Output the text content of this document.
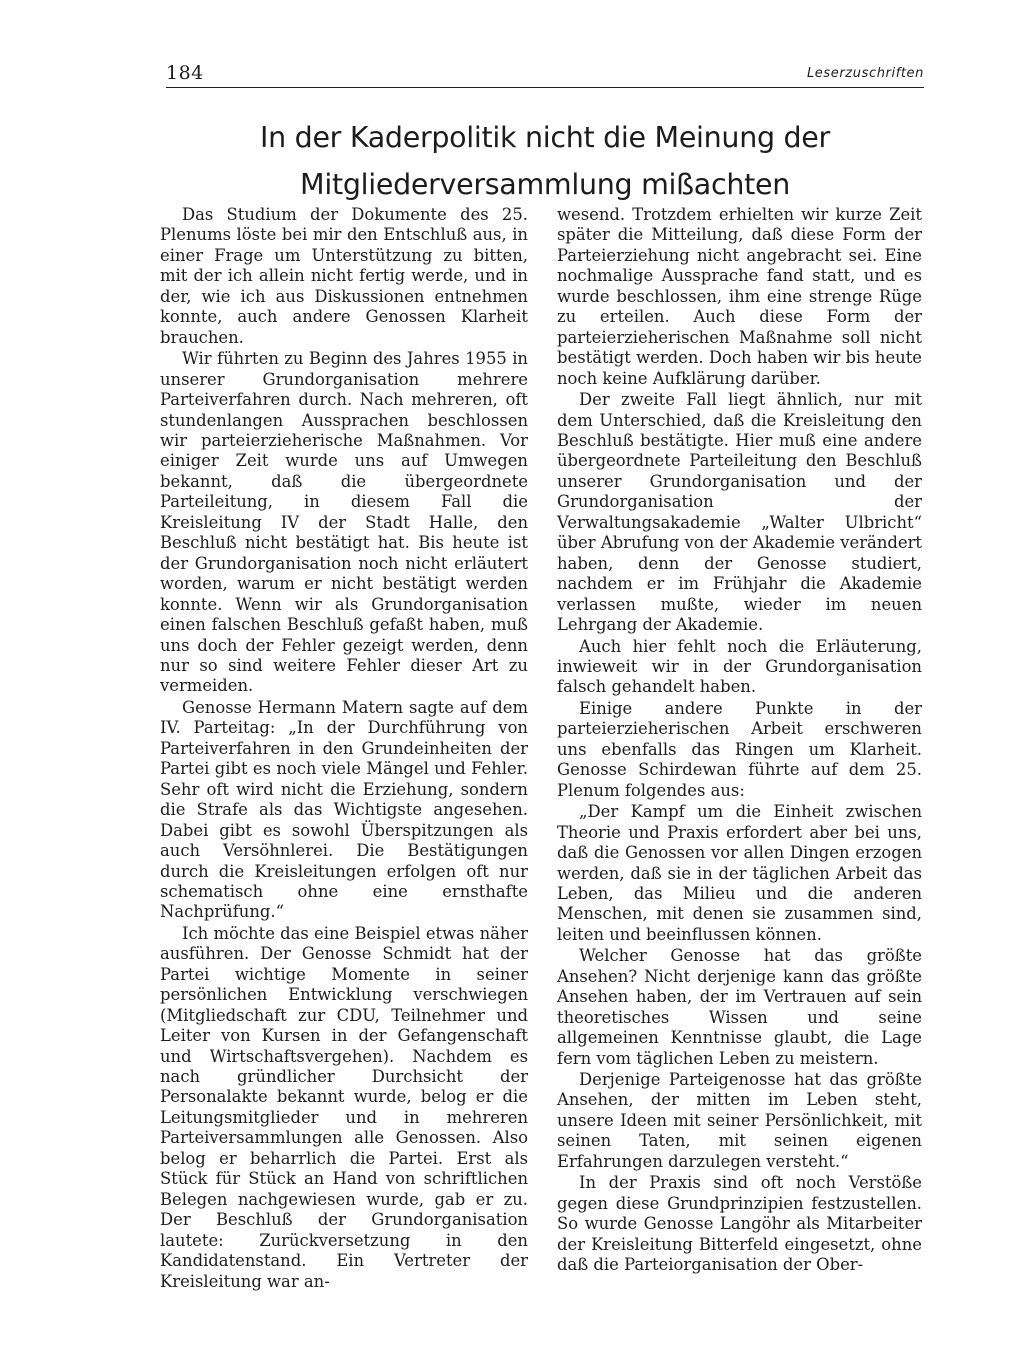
184	Leserzuschriften
In der Kaderpolitik nicht die Meinung der
Mitgliederversammlung mißachten

Das Studium der Dokumente des 25. Plenums löste bei mir den Entschluß aus, in einer Frage um Unterstützung zu bitten, mit der ich allein nicht fertig werde, und in der, wie ich aus Diskussionen entnehmen konnte, auch andere Genossen Klarheit brauchen.

Wir führten zu Beginn des Jahres 1955 in unserer Grundorganisation mehrere Parteiverfahren durch. Nach mehreren, oft stundenlangen Aussprachen beschlossen wir parteierzieherische Maßnahmen. Vor einiger Zeit wurde uns auf Umwegen bekannt, daß die übergeordnete Parteileitung, in diesem Fall die Kreisleitung IV der Stadt Halle, den Beschluß nicht bestätigt hat. Bis heute ist der Grundorganisation noch nicht erläutert worden, warum er nicht bestätigt werden konnte. Wenn wir als Grundorganisation einen falschen Beschluß gefaßt haben, muß uns doch der Fehler gezeigt werden, denn nur so sind weitere Fehler dieser Art zu vermeiden.

Genosse Hermann Matern sagte auf dem IV. Parteitag: „In der Durchführung von Parteiverfahren in den Grundeinheiten der Partei gibt es noch viele Mängel und Fehler. Sehr oft wird nicht die Erziehung, sondern die Strafe als das Wichtigste angesehen. Dabei gibt es sowohl Überspitzungen als auch Versöhnlerei. Die Bestätigungen durch die Kreisleitungen erfolgen oft nur schematisch ohne eine ernsthafte Nachprüfung.“

Ich möchte das eine Beispiel etwas näher ausführen. Der Genosse Schmidt hat der Partei wichtige Momente in seiner persönlichen Entwicklung verschwiegen (Mitgliedschaft zur CDU, Teilnehmer und Leiter von Kursen in der Gefangenschaft und Wirtschaftsvergehen). Nachdem es nach gründlicher Durchsicht der Personalakte bekannt wurde, belog er die Leitungsmitglieder und in mehreren Parteiversammlungen alle Genossen. Also belog er beharrlich die Partei. Erst als Stück für Stück an Hand von schriftlichen Belegen nachgewiesen wurde, gab er zu. Der Beschluß der Grundorganisation lautete: Zurückversetzung in den Kandidatenstand. Ein Vertreter der Kreisleitung war an-

wesend. Trotzdem erhielten wir kurze Zeit später die Mitteilung, daß diese Form der Parteierziehung nicht angebracht sei. Eine nochmalige Aussprache fand statt, und es wurde beschlossen, ihm eine strenge Rüge zu erteilen. Auch diese Form der parteierzieherischen Maßnahme soll nicht bestätigt werden. Doch haben wir bis heute noch keine Aufklärung darüber.

Der zweite Fall liegt ähnlich, nur mit dem Unterschied, daß die Kreisleitung den Beschluß bestätigte. Hier muß eine andere übergeordnete Parteileitung den Beschluß unserer Grundorganisation und der Grundorganisation der Verwaltungsakademie „Walter Ulbricht“ über Abrufung von der Akademie verändert haben, denn der Genosse studiert, nachdem er im Frühjahr die Akademie verlassen mußte, wieder im neuen Lehrgang der Akademie.

Auch hier fehlt noch die Erläuterung, inwieweit wir in der Grundorganisation falsch gehandelt haben.

Einige andere Punkte in der parteierzieherischen Arbeit erschweren uns ebenfalls das Ringen um Klarheit. Genosse Schirdewan führte auf dem 25. Plenum folgendes aus:

„Der Kampf um die Einheit zwischen Theorie und Praxis erfordert aber bei uns, daß die Genossen vor allen Dingen erzogen werden, daß sie in der täglichen Arbeit das Leben, das Milieu und die anderen Menschen, mit denen sie zusammen sind, leiten und beeinflussen können.

Welcher Genosse hat das größte Ansehen? Nicht derjenige kann das größte Ansehen haben, der im Vertrauen auf sein theoretisches Wissen und seine allgemeinen Kenntnisse glaubt, die Lage fern vom täglichen Leben zu meistern.

Derjenige Parteigenosse hat das größte Ansehen, der mitten im Leben steht, unsere Ideen mit seiner Persönlichkeit, mit seinen Taten, mit seinen eigenen Erfahrungen darzulegen versteht.“

In der Praxis sind oft noch Verstöße gegen diese Grundprinzipien festzustellen. So wurde Genosse Langöhr als Mitarbeiter der Kreisleitung Bitterfeld eingesetzt, ohne daß die Parteiorganisation der Ober-
